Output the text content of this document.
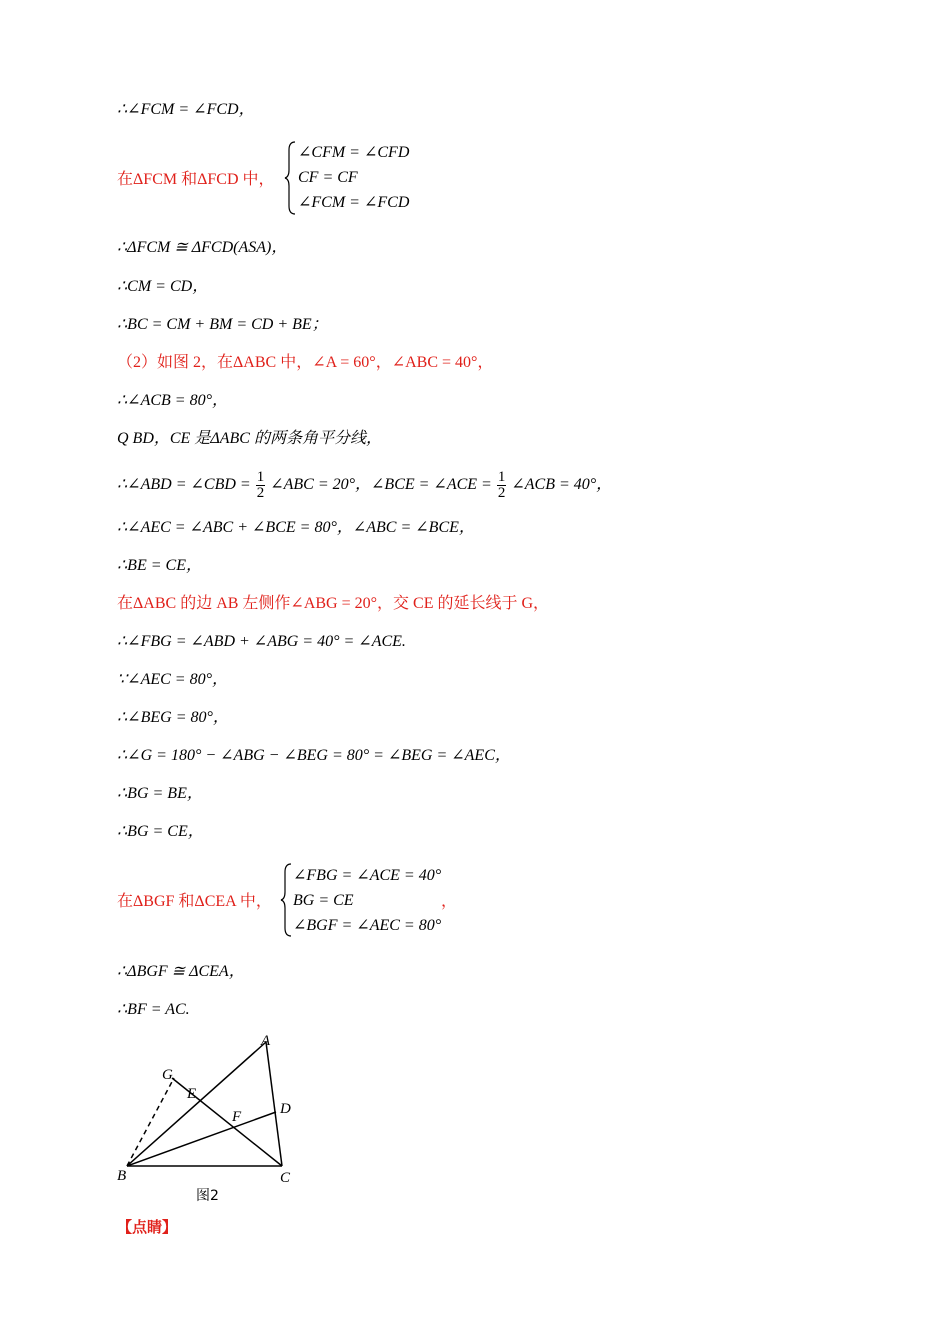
∴∠FCM = ∠FCD，
在ΔFCM 和ΔFCD 中，
∠CFM = ∠CFD
CF = CF
∠FCM = ∠FCD
∴ΔFCM ≅ ΔFCD(ASA)，
∴CM = CD，
∴BC = CM + BM = CD + BE；
（2）如图 2，在ΔABC 中，∠A = 60°，∠ABC = 40°，
∴∠ACB = 80°，
Q BD，CE 是ΔABC 的两条角平分线，
∴∠ABD = ∠CBD = $\frac{1}{2}$ ∠ABC = 20°，∠BCE = ∠ACE = $\frac{1}{2}$ ∠ACB = 40°，
∴∠AEC = ∠ABC + ∠BCE = 80°，∠ABC = ∠BCE，
∴BE = CE，
在ΔABC 的边 AB 左侧作∠ABG = 20°，交 CE 的延长线于 G，
∴∠FBG = ∠ABD + ∠ABG = 40° = ∠ACE.
∵∠AEC = 80°，
∴∠BEG = 80°，
∴∠G = 180° − ∠ABG − ∠BEG = 80° = ∠BEG = ∠AEC，
∴BG = BE，
∴BG = CE，
在ΔBGF 和ΔCEA 中，
∠FBG = ∠ACE = 40°
BG = CE
∠BGF = ∠AEC = 80°
，
∴ΔBGF ≅ ΔCEA，
∴BF = AC.
A
B	C
D
E
F
G
图2
【点睛】
